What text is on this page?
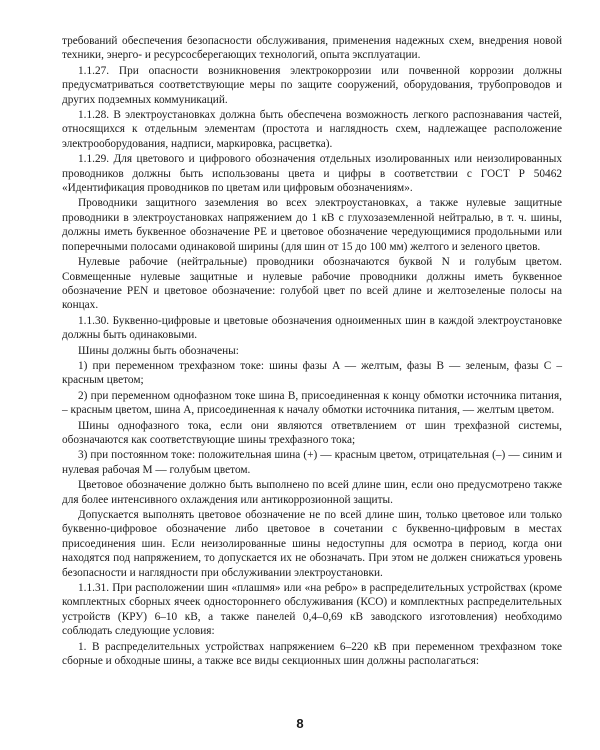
требований обеспечения безопасности обслуживания, применения надежных схем, внедрения новой техники, энерго- и ресурсосберегающих технологий, опыта эксплуатации.

1.1.27. При опасности возникновения электрокоррозии или почвенной коррозии должны предусматриваться соответствующие меры по защите сооружений, оборудования, трубопроводов и других подземных коммуникаций.

1.1.28. В электроустановках должна быть обеспечена возможность легкого распознавания частей, относящихся к отдельным элементам (простота и наглядность схем, надлежащее расположение электрооборудования, надписи, маркировка, расцветка).

1.1.29. Для цветового и цифрового обозначения отдельных изолированных или неизолированных проводников должны быть использованы цвета и цифры в соответствии с ГОСТ Р 50462 «Идентификация проводников по цветам или цифровым обозначениям».

Проводники защитного заземления во всех электроустановках, а также нулевые защитные проводники в электроустановках напряжением до 1 кВ с глухозаземленной нейтралью, в т. ч. шины, должны иметь буквенное обозначение PE и цветовое обозначение чередующимися продольными или поперечными полосами одинаковой ширины (для шин от 15 до 100 мм) желтого и зеленого цветов.

Нулевые рабочие (нейтральные) проводники обозначаются буквой N и голубым цветом. Совмещенные нулевые защитные и нулевые рабочие проводники должны иметь буквенное обозначение PEN и цветовое обозначение: голубой цвет по всей длине и желтозеленые полосы на концах.

1.1.30. Буквенно-цифровые и цветовые обозначения одноименных шин в каждой электроустановке должны быть одинаковыми.

Шины должны быть обозначены:

1) при переменном трехфазном токе: шины фазы A — желтым, фазы B — зеленым, фазы C – красным цветом;

2) при переменном однофазном токе шина B, присоединенная к концу обмотки источника питания, – красным цветом, шина A, присоединенная к началу обмотки источника питания, — желтым цветом.

Шины однофазного тока, если они являются ответвлением от шин трехфазной системы, обозначаются как соответствующие шины трехфазного тока;

3) при постоянном токе: положительная шина (+) — красным цветом, отрицательная (–) — синим и нулевая рабочая M — голубым цветом.

Цветовое обозначение должно быть выполнено по всей длине шин, если оно предусмотрено также для более интенсивного охлаждения или антикоррозионной защиты.

Допускается выполнять цветовое обозначение не по всей длине шин, только цветовое или только буквенно-цифровое обозначение либо цветовое в сочетании с буквенно-цифровым в местах присоединения шин. Если неизолированные шины недоступны для осмотра в период, когда они находятся под напряжением, то допускается их не обозначать. При этом не должен снижаться уровень безопасности и наглядности при обслуживании электроустановки.

1.1.31. При расположении шин «плашмя» или «на ребро» в распределительных устройствах (кроме комплектных сборных ячеек одностороннего обслуживания (КСО) и комплектных распределительных устройств (КРУ) 6–10 кВ, а также панелей 0,4–0,69 кВ заводского изготовления) необходимо соблюдать следующие условия:

1. В распределительных устройствах напряжением 6–220 кВ при переменном трехфазном токе сборные и обходные шины, а также все виды секционных шин должны располагаться:

8
